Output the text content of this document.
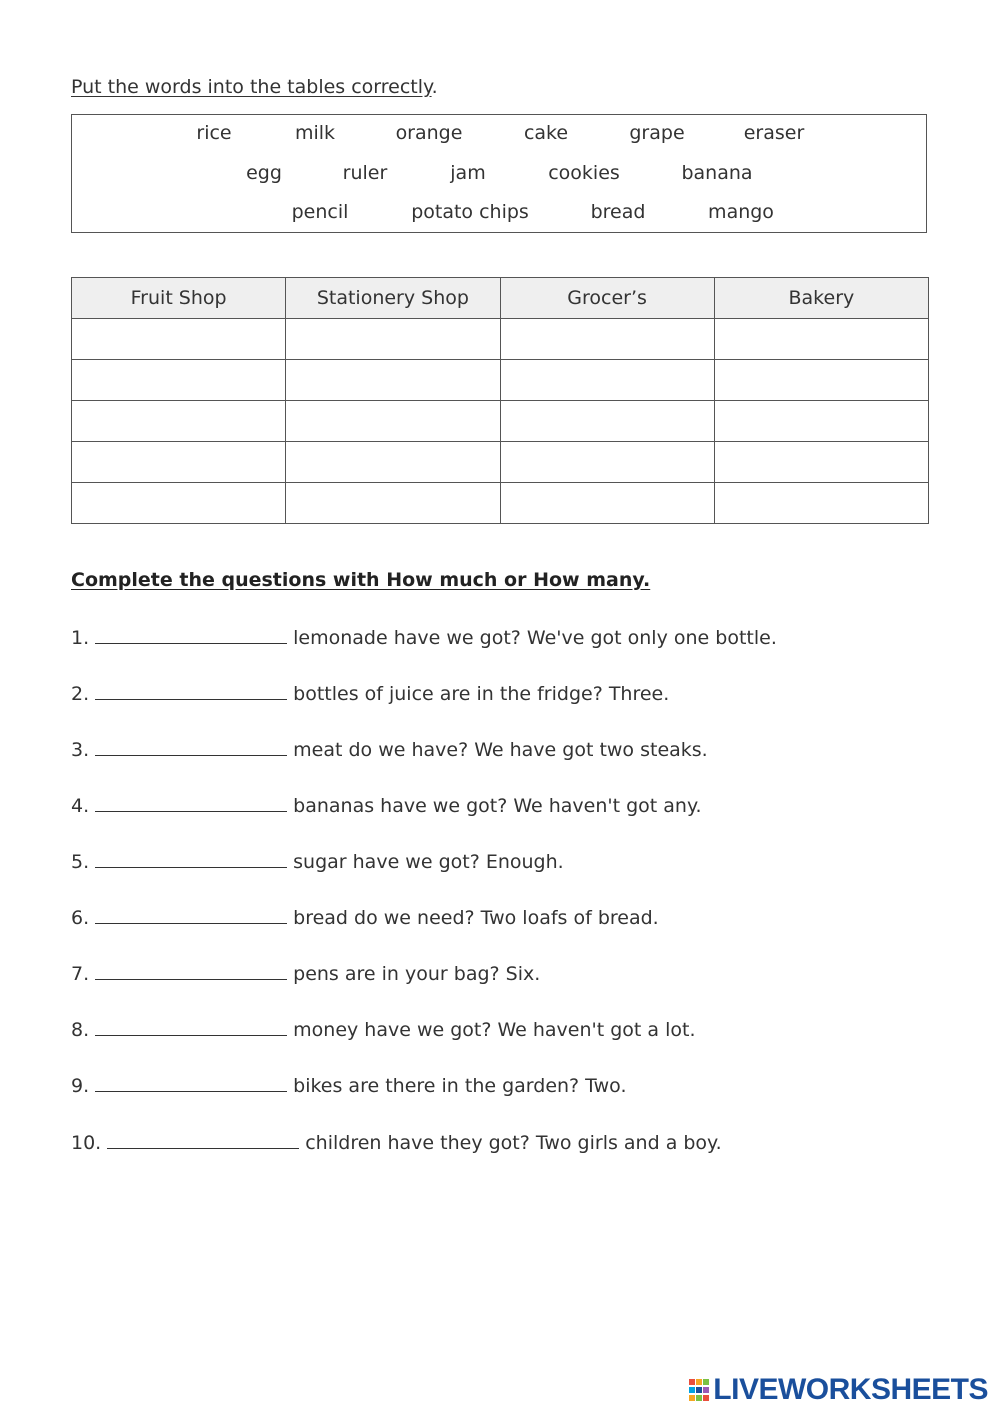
Put the words into the tables correctly.
rice	milk	orange	cake	grape	eraser
egg	ruler	jam	cookies	banana
pencil	potato chips	bread	mango
Fruit Shop	Stationery Shop	Grocer’s	Bakery

Complete the questions with How much or How many.
1.	lemonade have we got? We've got only one bottle.
2.	bottles of juice are in the fridge? Three.
3.	meat do we have? We have got two steaks.
4.	bananas have we got? We haven't got any.
5.	sugar have we got? Enough.
6.	bread do we need? Two loafs of bread.
7.	pens are in your bag? Six.
8.	money have we got? We haven't got a lot.
9.	bikes are there in the garden? Two.
10.	children have they got? Two girls and a boy.
LIVEWORKSHEETS
